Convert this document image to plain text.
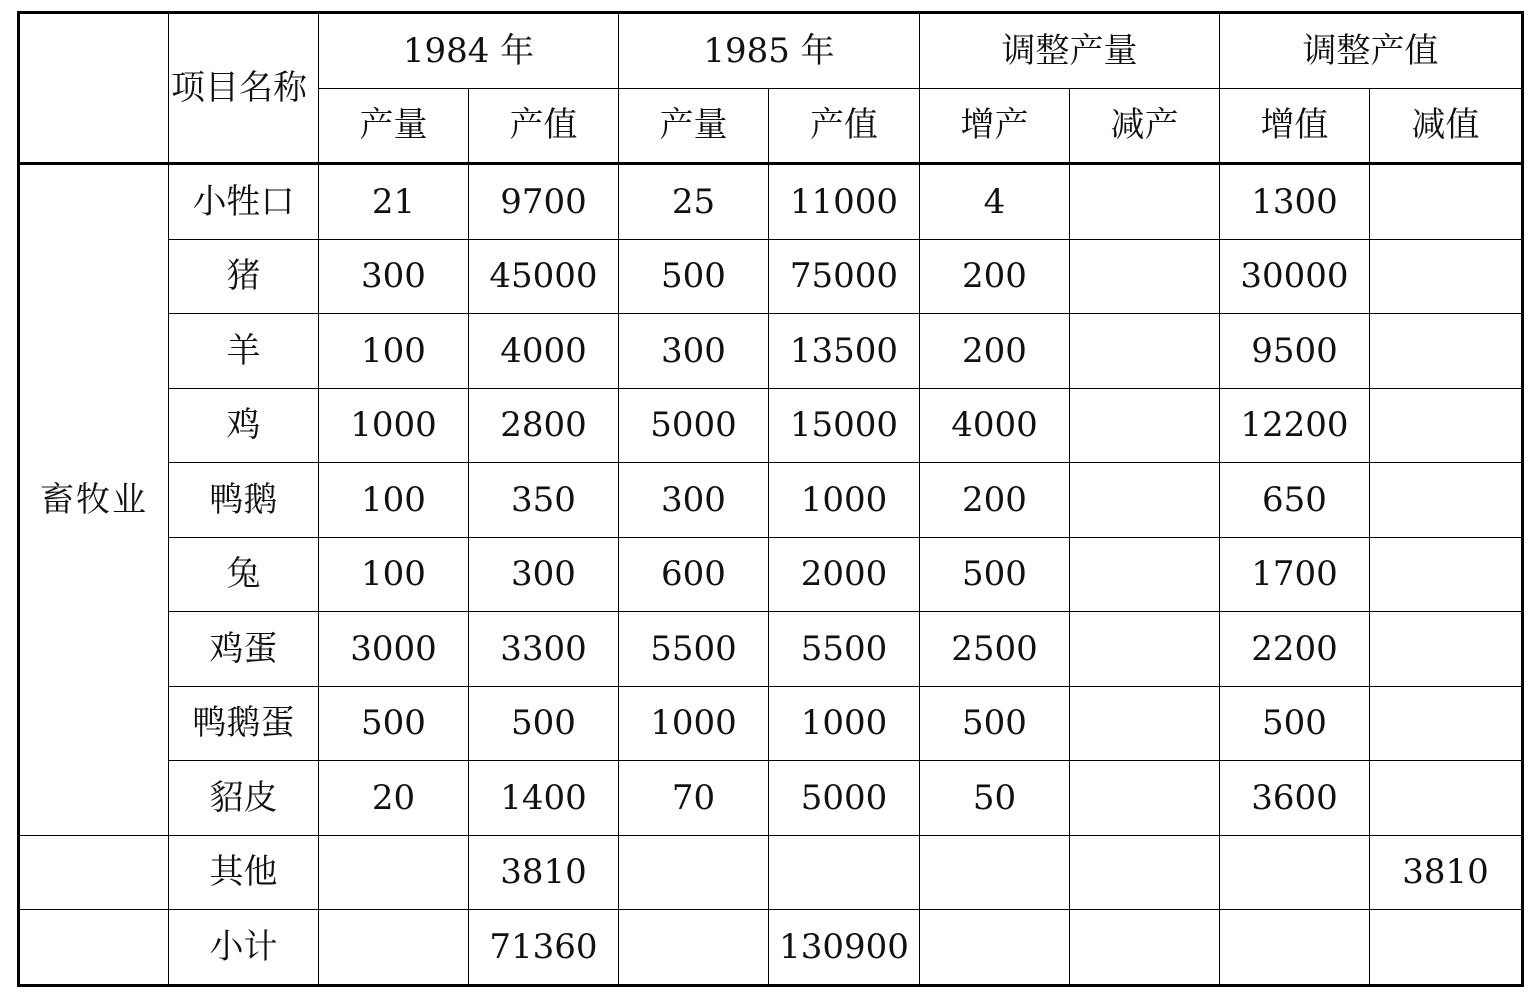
	项目名称	1984 年		1985 年		调整产量		调整产值	
		产量	产值	产量	产值	增产	减产	增值	减值
畜牧业	小牲口	21	9700	25	11000	4		1300	
	猪	300	45000	500	75000	200		30000	
	羊	100	4000	300	13500	200		9500	
	鸡	1000	2800	5000	15000	4000		12200	
	鸭鹅	100	350	300	1000	200		650	
	兔	100	300	600	2000	500		1700	
	鸡蛋	3000	3300	5500	5500	2500		2200	
	鸭鹅蛋	500	500	1000	1000	500		500	
	貂皮	20	1400	70	5000	50		3600	
	其他		3810						3810
	小计		71360		130900				
